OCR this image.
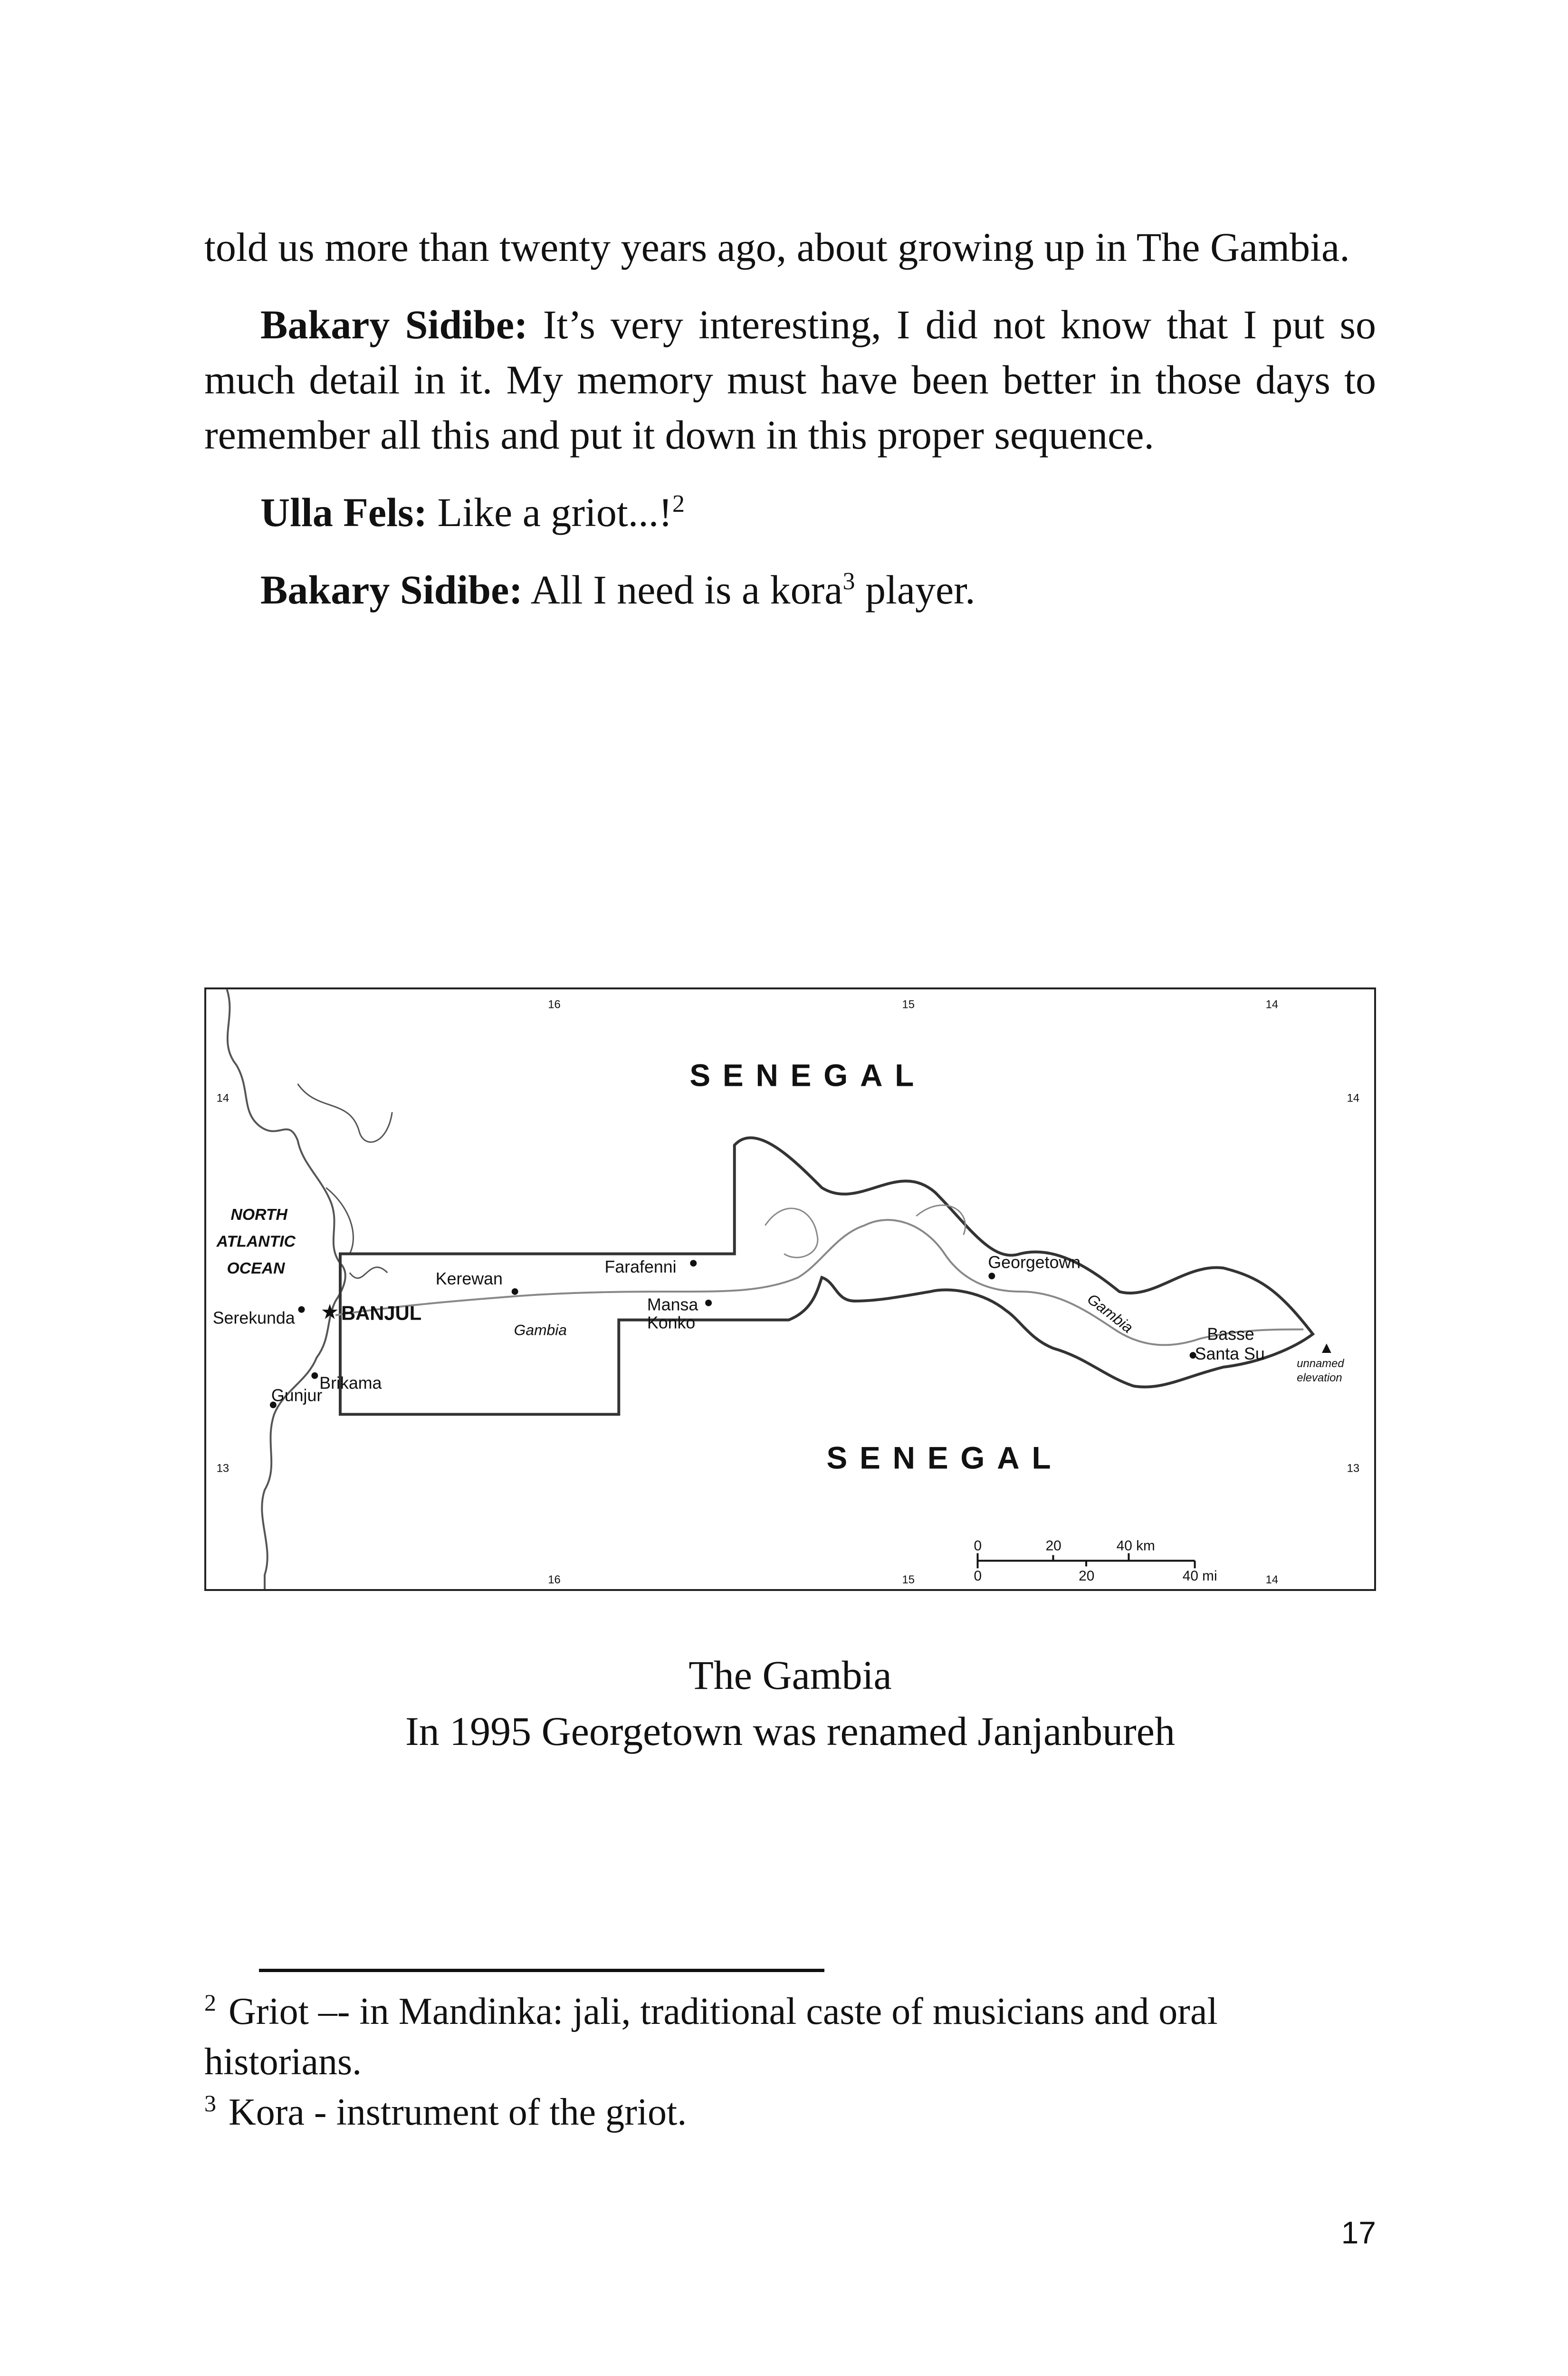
told us more than twenty years ago, about growing up in The Gambia.

Bakary Sidibe: It’s very interesting, I did not know that I put so much detail in it. My memory must have been better in those days to remember all this and put it down in this proper sequence.

Ulla Fels: Like a griot...!$^2$

Bakary Sidibe: All I need is a kora$^3$ player.

16	15	14
16	15	14
14
13
14
13
SENEGAL
SENEGAL
NORTH
ATLANTIC
OCEAN
Serekunda ★ BANJUL
Brikama
Gunjur
Kerewan
Farafenni
Mansa
Konko
Georgetown
Basse
Santa Su	▲
unnamed
elevation
Gambia	Gambia
0	20	40 km
0	20	40 mi
The Gambia
In 1995 Georgetown was renamed Janjanbureh

$^2$ Griot –- in Mandinka: jali, traditional caste of musicians and oral historians.

$^3$ Kora - instrument of the griot.

17
